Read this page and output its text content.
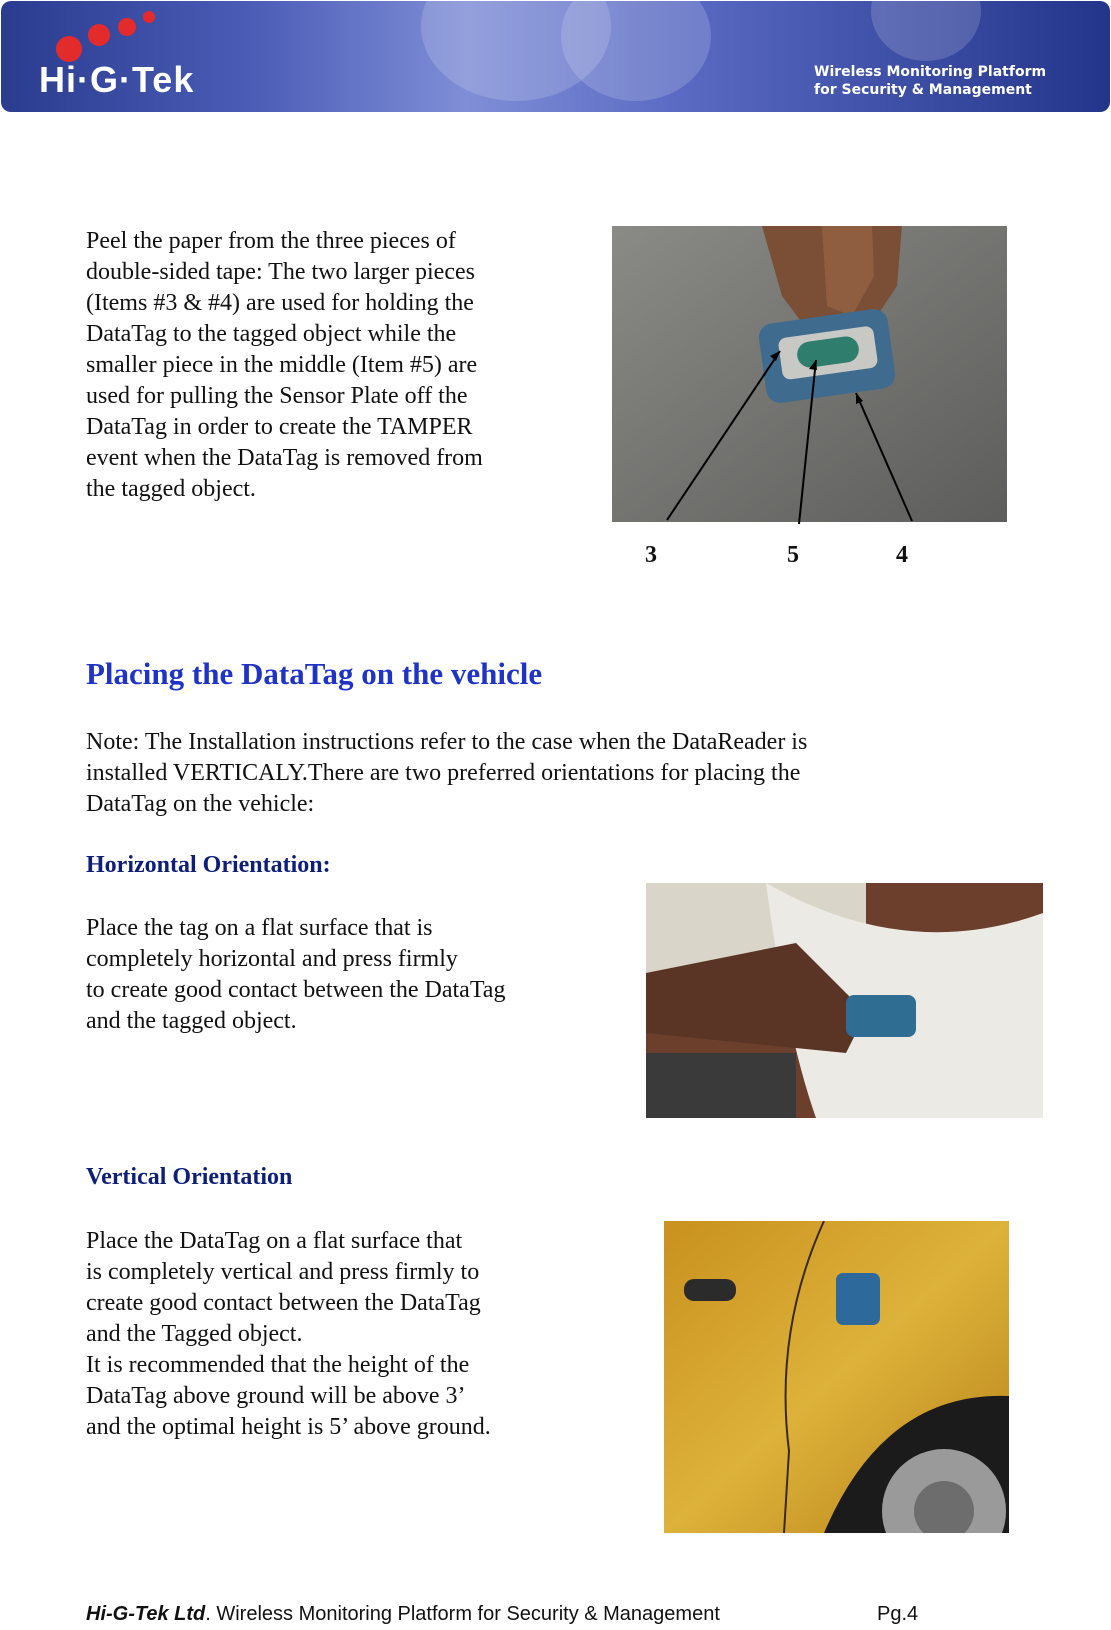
Hi·G·Tek	Wireless Monitoring Platform
for Security & Management
Peel the paper from the three pieces of
double-sided tape: The two larger pieces
(Items #3 & #4) are used for holding the
DataTag to the tagged object while the
smaller piece in the middle (Item #5) are
used for pulling the Sensor Plate off the
DataTag in order to create the TAMPER
event when the DataTag is removed from
the tagged object.
3	5	4
Placing the DataTag on the vehicle
Note: The Installation instructions refer to the case when the DataReader is
installed VERTICALY.There are two preferred orientations for placing the
DataTag on the vehicle:
Horizontal Orientation:
Place the tag on a flat surface that is
completely horizontal and press firmly
to create good contact between the DataTag
and the tagged object.
Vertical Orientation
Place the DataTag on a flat surface that
is completely vertical and press firmly to
create good contact between the DataTag
and the Tagged object.
It is recommended that the height of the
DataTag above ground will be above 3’
and the optimal height is 5’ above ground.
Hi-G-Tek Ltd. Wireless Monitoring Platform for Security & Management	Pg.4
